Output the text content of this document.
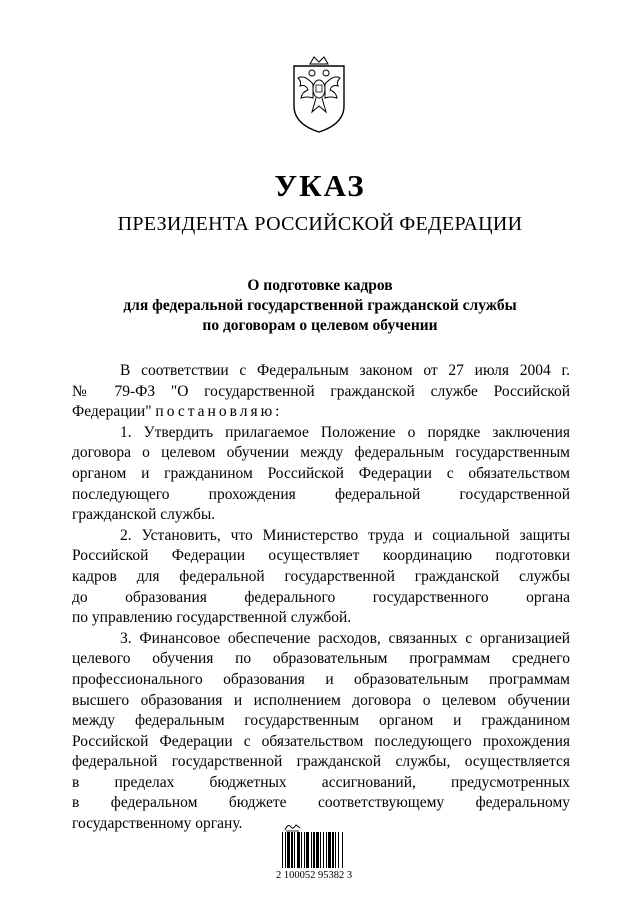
УКАЗ
ПРЕЗИДЕНТА РОССИЙСКОЙ ФЕДЕРАЦИИ
О подготовке кадров
для федеральной государственной гражданской службы
по договорам о целевом обучении
В соответствии с Федеральным законом от 27 июля 2004 г.
№ 79-ФЗ "О государственной гражданской службе Российской
Федерации" постановляю:
1. Утвердить прилагаемое Положение о порядке заключения
договора о целевом обучении между федеральным государственным
органом и гражданином Российской Федерации с обязательством
последующего прохождения федеральной государственной
гражданской службы.
2. Установить, что Министерство труда и социальной защиты
Российской Федерации осуществляет координацию подготовки
кадров для федеральной государственной гражданской службы
до образования федерального государственного органа
по управлению государственной службой.
3. Финансовое обеспечение расходов, связанных с организацией
целевого обучения по образовательным программам среднего
профессионального образования и образовательным программам
высшего образования и исполнением договора о целевом обучении
между федеральным государственным органом и гражданином
Российской Федерации с обязательством последующего прохождения
федеральной государственной гражданской службы, осуществляется
в пределах бюджетных ассигнований, предусмотренных
в федеральном бюджете соответствующему федеральному
государственному органу.
2 100052 95382 3
